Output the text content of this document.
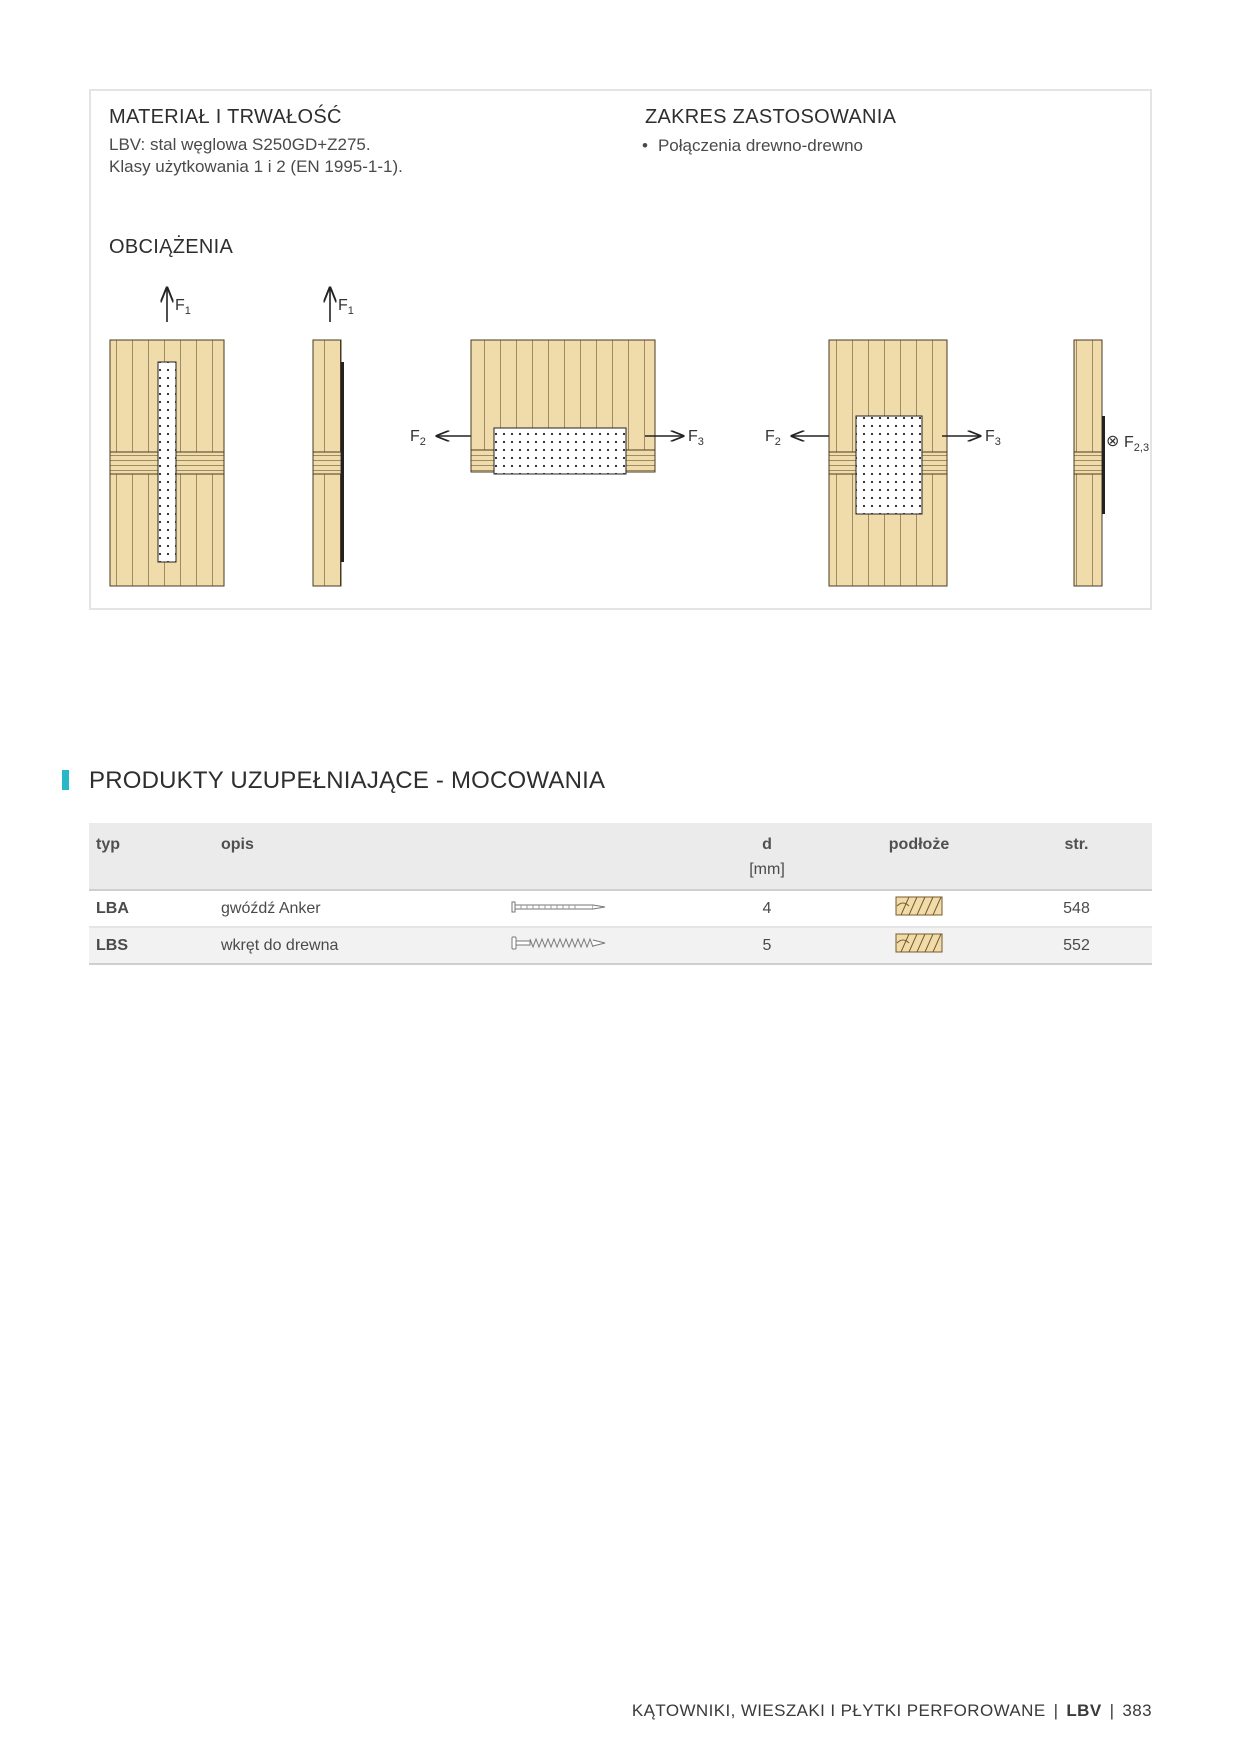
MATERIAŁ I TRWAŁOŚĆ
LBV: stal węglowa S250GD+Z275.
Klasy użytkowania 1 i 2 (EN 1995-1-1).
ZAKRES ZASTOSOWANIA
• Połączenia drewno-drewno
OBCIĄŻENIA
$F_1$	$F_1$
$F_2$	$F_3$	$F_2$	$F_3$	⊗ $F_{2,3}$
PRODUKTY UZUPEŁNIAJĄCE - MOCOWANIA
typ	opis		d	podłoże	str.
			[mm]		
LBA	gwóźdź Anker		4		548
LBS	wkręt do drewna		5		552
KĄTOWNIKI, WIESZAKI I PŁYTKI PERFOROWANE | LBV | 383
